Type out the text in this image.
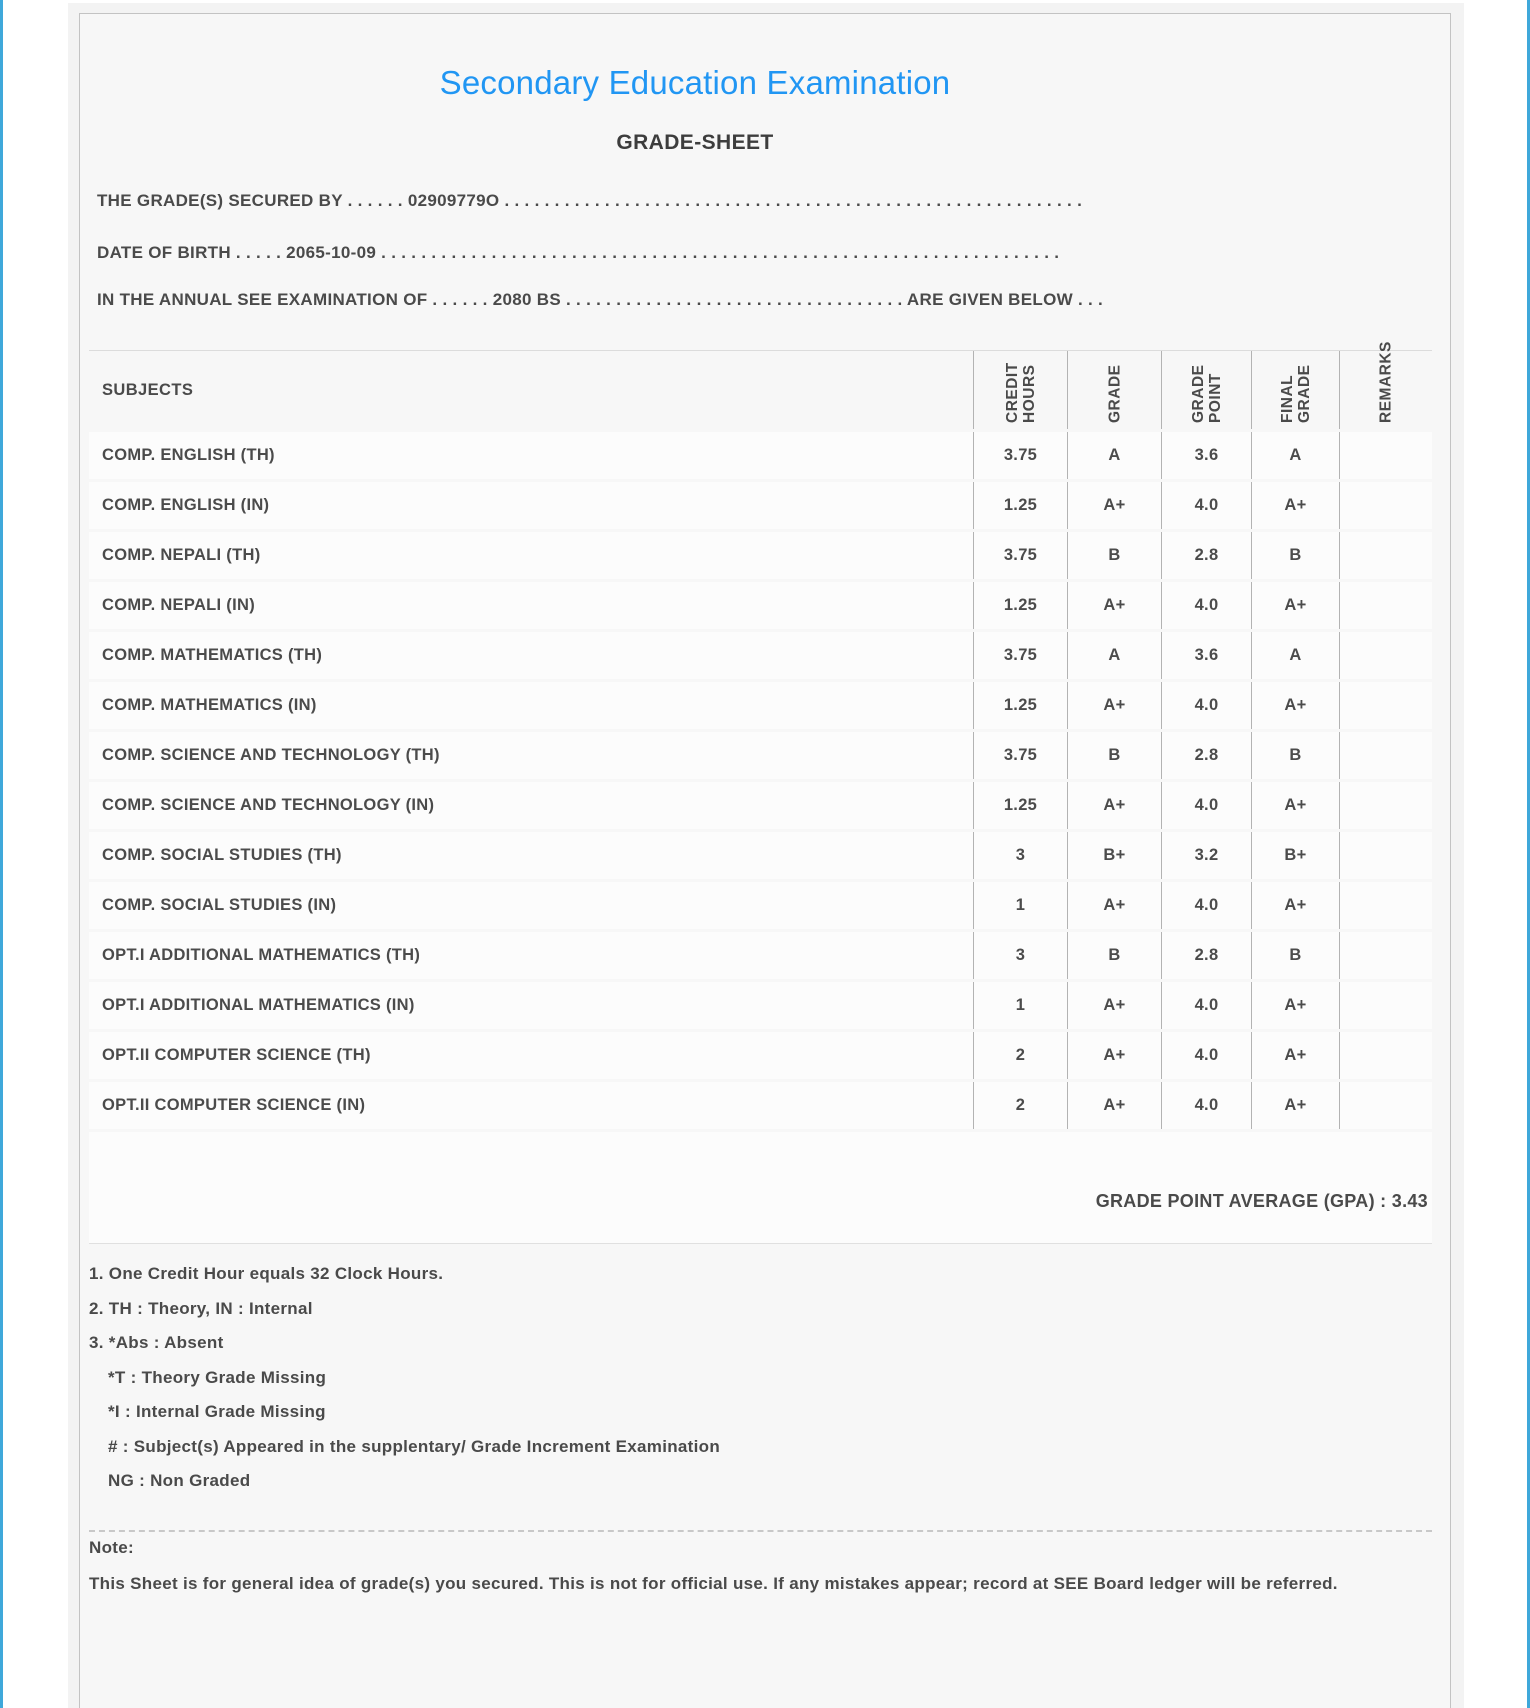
Secondary Education Examination
GRADE-SHEET
THE GRADE(S) SECURED BY . . . . . . 02909779O . . . . . . . . . . . . . . . . . . . . . . . . . . . . . . . . . . . . . . . . . . . . . . . . . . . . . . . . . .
DATE OF BIRTH . . . . . 2065-10-09 . . . . . . . . . . . . . . . . . . . . . . . . . . . . . . . . . . . . . . . . . . . . . . . . . . . . . . . . . . . . . . . . . . . .
IN THE ANNUAL SEE EXAMINATION OF . . . . . . 2080 BS . . . . . . . . . . . . . . . . . . . . . . . . . . . . . . . . . . ARE GIVEN BELOW . . .
SUBJECTS	CREDIT HOURS	GRADE	GRADE POINT	FINAL GRADE	REMARKS
COMP. ENGLISH (TH)	3.75	A	3.6	A
COMP. ENGLISH (IN)	1.25	A+	4.0	A+
COMP. NEPALI (TH)	3.75	B	2.8	B
COMP. NEPALI (IN)	1.25	A+	4.0	A+
COMP. MATHEMATICS (TH)	3.75	A	3.6	A
COMP. MATHEMATICS (IN)	1.25	A+	4.0	A+
COMP. SCIENCE AND TECHNOLOGY (TH)	3.75	B	2.8	B
COMP. SCIENCE AND TECHNOLOGY (IN)	1.25	A+	4.0	A+
COMP. SOCIAL STUDIES (TH)	3	B+	3.2	B+
COMP. SOCIAL STUDIES (IN)	1	A+	4.0	A+
OPT.I ADDITIONAL MATHEMATICS (TH)	3	B	2.8	B
OPT.I ADDITIONAL MATHEMATICS (IN)	1	A+	4.0	A+
OPT.II COMPUTER SCIENCE (TH)	2	A+	4.0	A+
OPT.II COMPUTER SCIENCE (IN)	2	A+	4.0	A+
GRADE POINT AVERAGE (GPA) : 3.43
1. One Credit Hour equals 32 Clock Hours.
2. TH : Theory, IN : Internal
3. *Abs : Absent
*T : Theory Grade Missing
*I : Internal Grade Missing
# : Subject(s) Appeared in the supplentary/ Grade Increment Examination
NG : Non Graded
Note:
This Sheet is for general idea of grade(s) you secured. This is not for official use. If any mistakes appear; record at SEE Board ledger will be referred.
